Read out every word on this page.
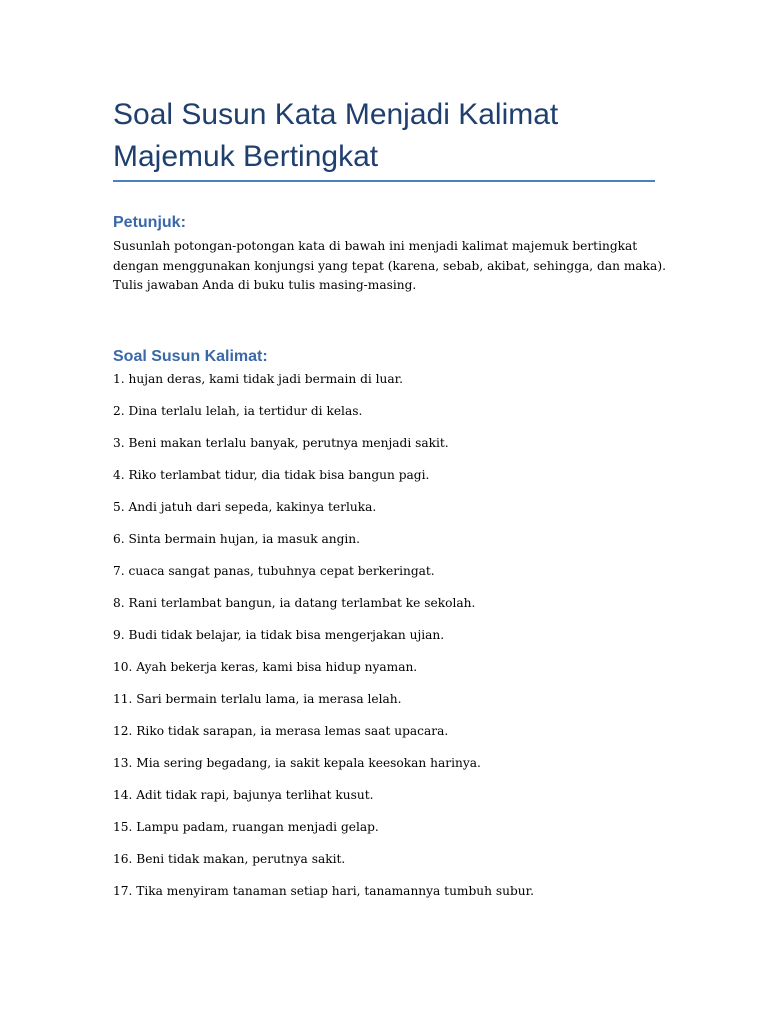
Soal Susun Kata Menjadi Kalimat Majemuk Bertingkat
Petunjuk:

Susunlah potongan-potongan kata di bawah ini menjadi kalimat majemuk bertingkat
dengan menggunakan konjungsi yang tepat (karena, sebab, akibat, sehingga, dan maka).
Tulis jawaban Anda di buku tulis masing-masing.

Soal Susun Kalimat:
1. hujan deras, kami tidak jadi bermain di luar.
2. Dina terlalu lelah, ia tertidur di kelas.
3. Beni makan terlalu banyak, perutnya menjadi sakit.
4. Riko terlambat tidur, dia tidak bisa bangun pagi.
5. Andi jatuh dari sepeda, kakinya terluka.
6. Sinta bermain hujan, ia masuk angin.
7. cuaca sangat panas, tubuhnya cepat berkeringat.
8. Rani terlambat bangun, ia datang terlambat ke sekolah.
9. Budi tidak belajar, ia tidak bisa mengerjakan ujian.
10. Ayah bekerja keras, kami bisa hidup nyaman.
11. Sari bermain terlalu lama, ia merasa lelah.
12. Riko tidak sarapan, ia merasa lemas saat upacara.
13. Mia sering begadang, ia sakit kepala keesokan harinya.
14. Adit tidak rapi, bajunya terlihat kusut.
15. Lampu padam, ruangan menjadi gelap.
16. Beni tidak makan, perutnya sakit.
17. Tika menyiram tanaman setiap hari, tanamannya tumbuh subur.
